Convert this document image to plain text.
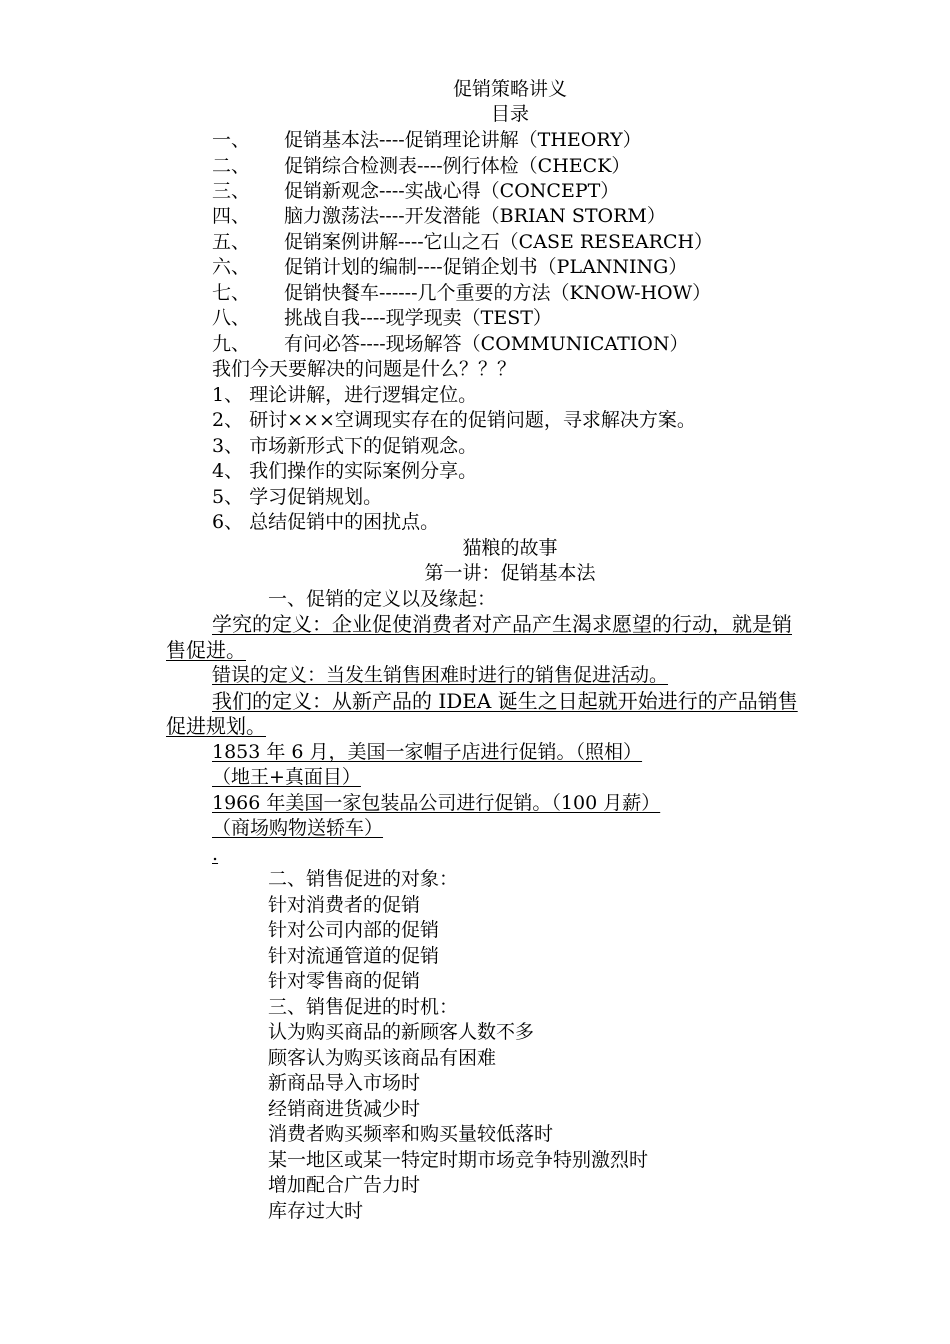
促销策略讲义
目录
一、 促销基本法----促销理论讲解（THEORY）
二、 促销综合检测表----例行体检（CHECK）
三、 促销新观念----实战心得（CONCEPT）
四、 脑力激荡法----开发潜能（BRIAN STORM）
五、 促销案例讲解----它山之石（CASE RESEARCH）
六、 促销计划的编制----促销企划书（PLANNING）
七、 促销快餐车------几个重要的方法（KNOW-HOW）
八、 挑战自我----现学现卖（TEST）
九、 有问必答----现场解答（COMMUNICATION）
我们今天要解决的问题是什么？？？
1、 理论讲解，进行逻辑定位。
2、 研讨×××空调现实存在的促销问题，寻求解决方案。
3、 市场新形式下的促销观念。
4、 我们操作的实际案例分享。
5、 学习促销规划。
6、 总结促销中的困扰点。
猫粮的故事
第一讲：促销基本法
一、促销的定义以及缘起：
学究的定义：企业促使消费者对产品产生渴求愿望的行动，就是销
售促进。
错误的定义：当发生销售困难时进行的销售促进活动。
我们的定义：从新产品的 IDEA 诞生之日起就开始进行的产品销售
促进规划。
1853 年 6 月，美国一家帽子店进行促销。（照相）
（地王+真面目）
1966 年美国一家包装品公司进行促销。（100 月薪）
（商场购物送轿车）
.
二、销售促进的对象：
针对消费者的促销
针对公司内部的促销
针对流通管道的促销
针对零售商的促销
三、销售促进的时机：
认为购买商品的新顾客人数不多
顾客认为购买该商品有困难
新商品导入市场时
经销商进货减少时
消费者购买频率和购买量较低落时
某一地区或某一特定时期市场竞争特别激烈时
增加配合广告力时
库存过大时
